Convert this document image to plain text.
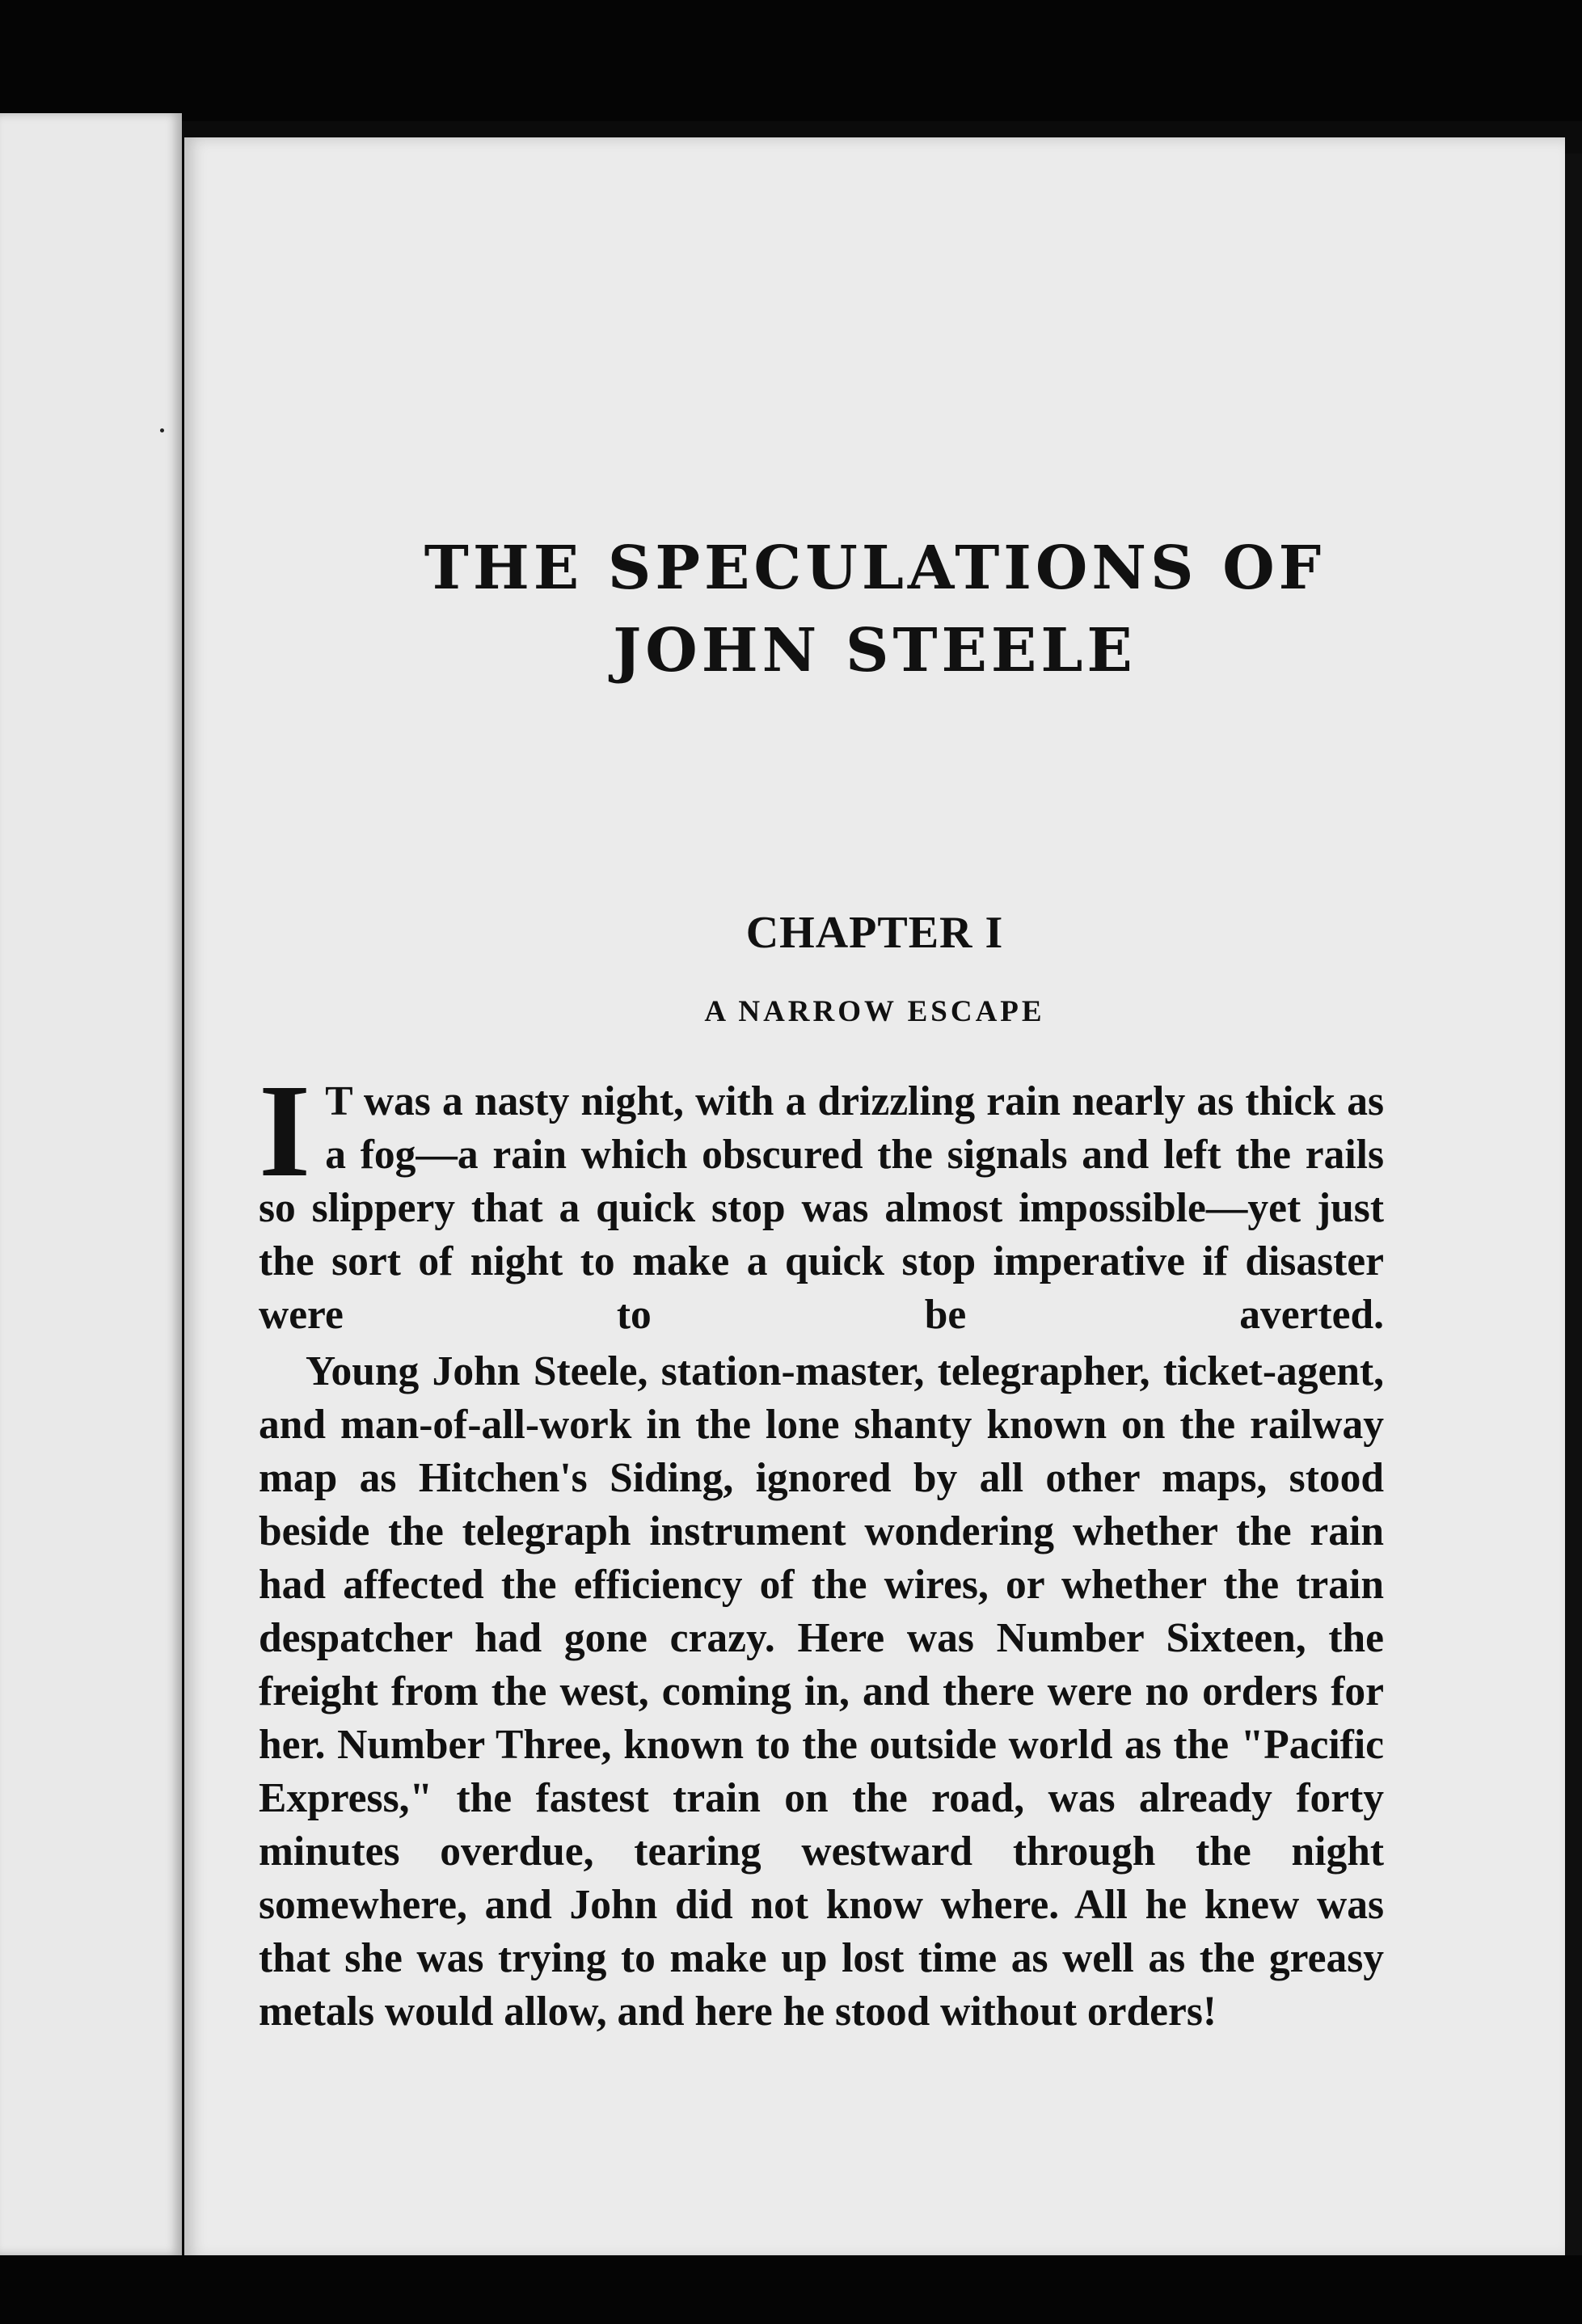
THE SPECULATIONS OF
JOHN STEELE
CHAPTER I
A NARROW ESCAPE

I T was a nasty night, with a drizzling rain nearly as thick as a fog—a rain which obscured the signals and left the rails so slippery that a quick stop was almost impossible—yet just the sort of night to make a quick stop imperative if disaster were to be averted.

Young John Steele, station-master, telegrapher, ticket-agent, and man-of-all-work in the lone shanty known on the railway map as Hitchen's Siding, ignored by all other maps, stood beside the telegraph instrument wondering whether the rain had affected the efficiency of the wires, or whether the train despatcher had gone crazy. Here was Number Sixteen, the freight from the west, coming in, and there were no orders for her. Number Three, known to the outside world as the "Pacific Express," the fastest train on the road, was already forty minutes overdue, tearing westward through the night somewhere, and John did not know where. All he knew was that she was trying to make up lost time as well as the greasy metals would allow, and here he stood without orders!
